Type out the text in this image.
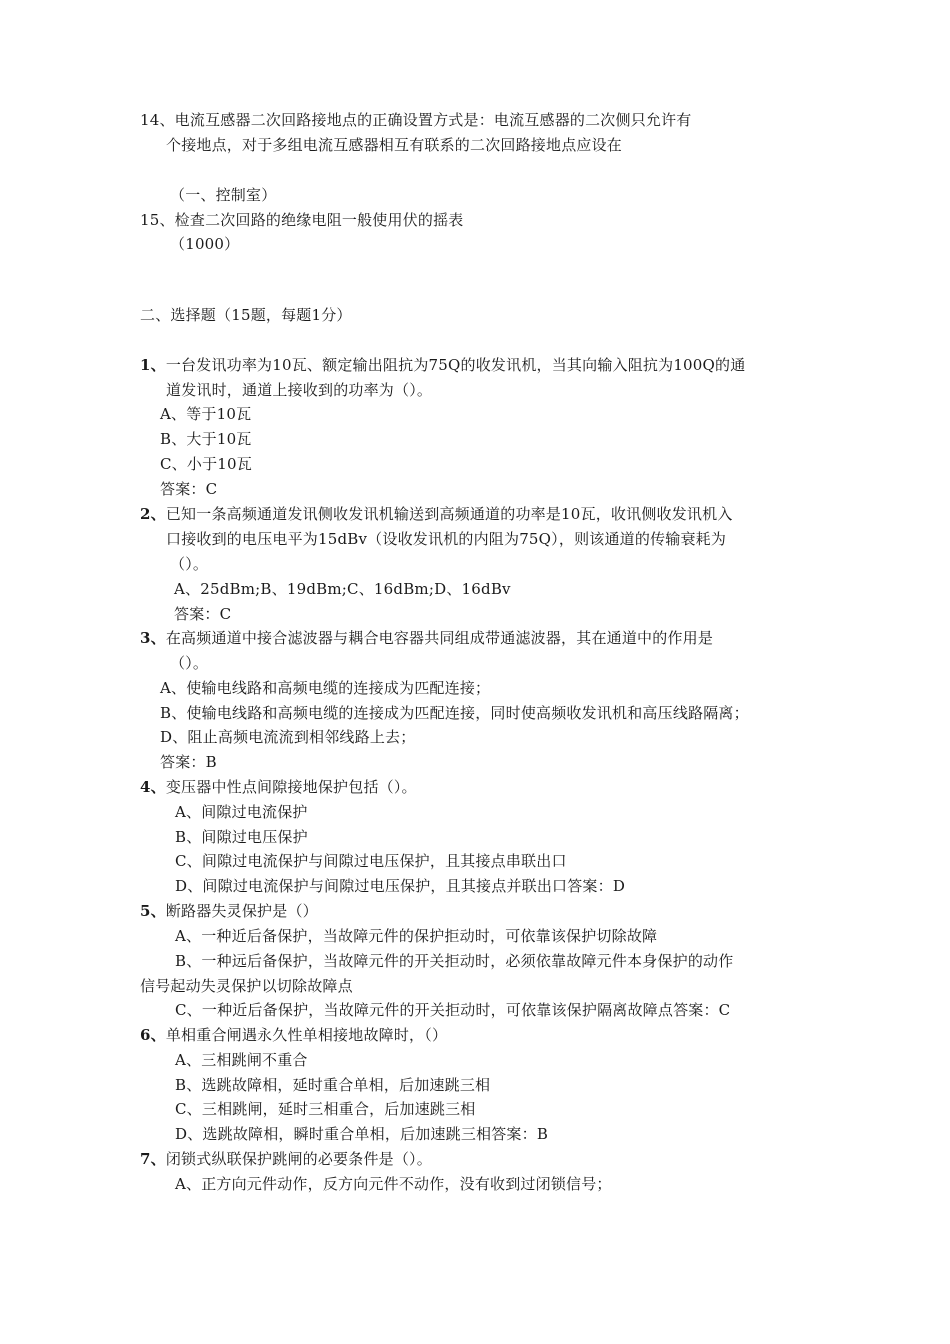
14、电流互感器二次回路接地点的正确设置方式是：电流互感器的二次侧只允许有
个接地点，对于多组电流互感器相互有联系的二次回路接地点应设在
（一、控制室）
15、检查二次回路的绝缘电阻一般使用伏的摇表
（1000）
二、选择题（15题，每题1分）
1、一台发讯功率为10瓦、额定输出阻抗为75Q的收发讯机，当其向输入阻抗为100Q的通
道发讯时，通道上接收到的功率为（）。
A、等于10瓦
B、大于10瓦
C、小于10瓦
答案：C
2、已知一条高频通道发讯侧收发讯机输送到高频通道的功率是10瓦，收讯侧收发讯机入
口接收到的电压电平为15dBv（设收发讯机的内阻为75Q），则该通道的传输衰耗为
（）。
A、25dBm;B、19dBm;C、16dBm;D、16dBv
答案：C
3、在高频通道中接合滤波器与耦合电容器共同组成带通滤波器，其在通道中的作用是
（）。
A、使输电线路和高频电缆的连接成为匹配连接；
B、使输电线路和高频电缆的连接成为匹配连接，同时使高频收发讯机和高压线路隔离；
D、阻止高频电流流到相邻线路上去；
答案：B
4、变压器中性点间隙接地保护包括（）。
A、间隙过电流保护
B、间隙过电压保护
C、间隙过电流保护与间隙过电压保护，且其接点串联出口
D、间隙过电流保护与间隙过电压保护，且其接点并联出口答案：D
5、断路器失灵保护是（）
A、一种近后备保护，当故障元件的保护拒动时，可依靠该保护切除故障
B、一种远后备保护，当故障元件的开关拒动时，必须依靠故障元件本身保护的动作
信号起动失灵保护以切除故障点
C、一种近后备保护，当故障元件的开关拒动时，可依靠该保护隔离故障点答案：C
6、单相重合闸遇永久性单相接地故障时，（）
A、三相跳闸不重合
B、选跳故障相，延时重合单相，后加速跳三相
C、三相跳闸，延时三相重合，后加速跳三相
D、选跳故障相，瞬时重合单相，后加速跳三相答案：B
7、闭锁式纵联保护跳闸的必要条件是（）。
A、正方向元件动作，反方向元件不动作，没有收到过闭锁信号；
